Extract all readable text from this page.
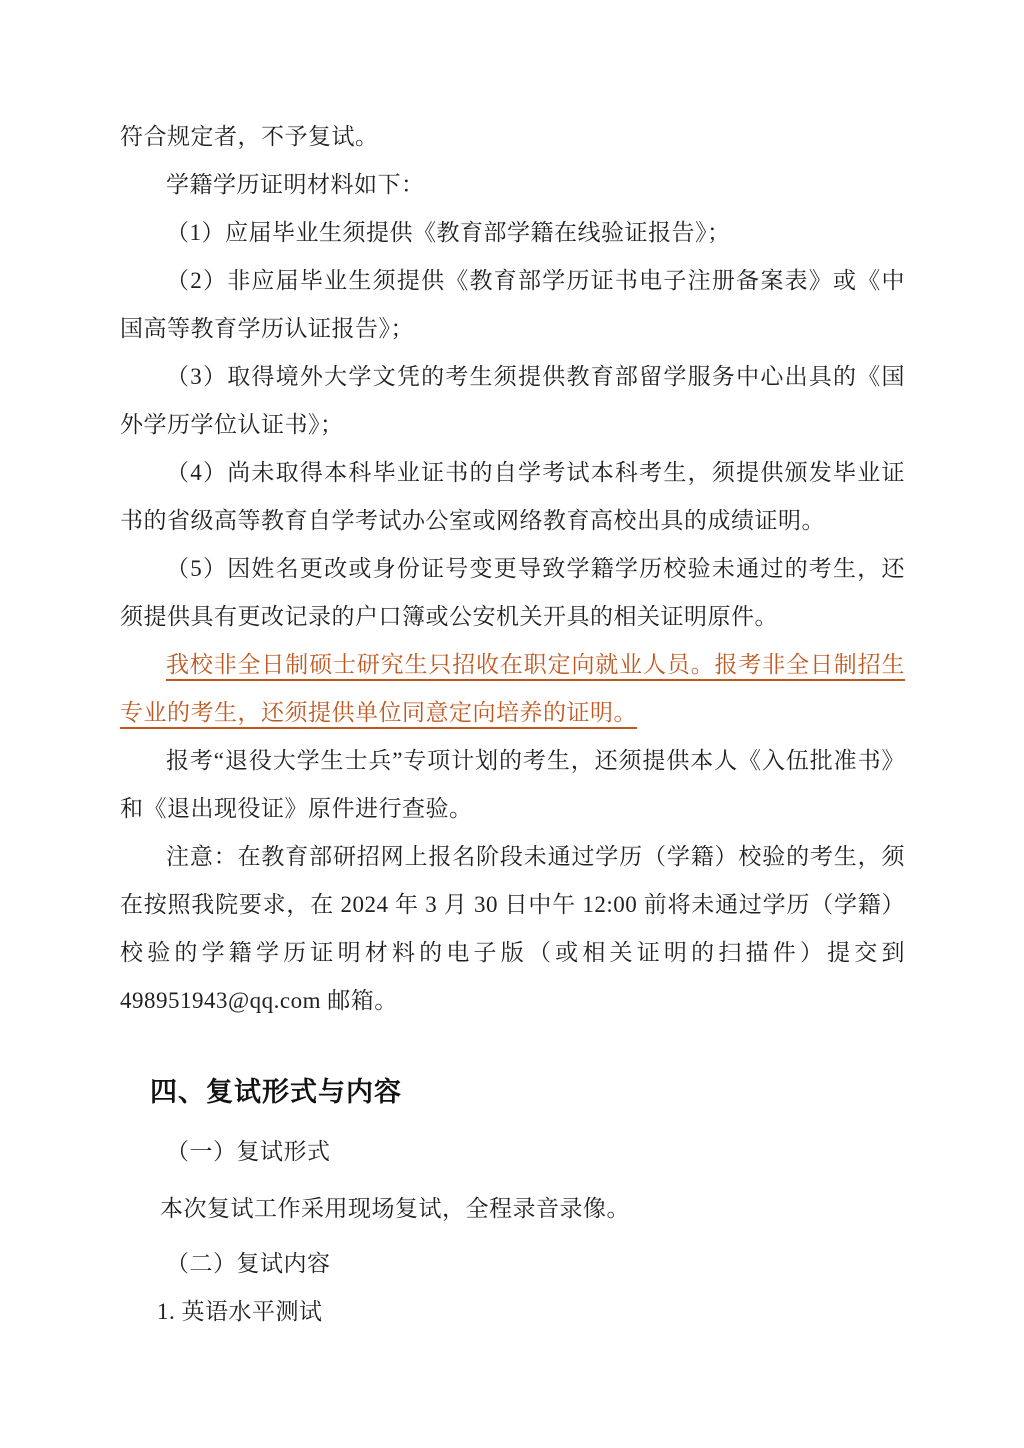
符合规定者，不予复试。
学籍学历证明材料如下：
（1）应届毕业生须提供《教育部学籍在线验证报告》；
（2）非应届毕业生须提供《教育部学历证书电子注册备案表》或《中国高等教育学历认证报告》；
（3）取得境外大学文凭的考生须提供教育部留学服务中心出具的《国外学历学位认证书》；
（4）尚未取得本科毕业证书的自学考试本科考生，须提供颁发毕业证书的省级高等教育自学考试办公室或网络教育高校出具的成绩证明。
（5）因姓名更改或身份证号变更导致学籍学历校验未通过的考生，还须提供具有更改记录的户口簿或公安机关开具的相关证明原件。
我校非全日制硕士研究生只招收在职定向就业人员。报考非全日制招生专业的考生，还须提供单位同意定向培养的证明。
报考“退役大学生士兵”专项计划的考生，还须提供本人《入伍批准书》和《退出现役证》原件进行查验。
注意：在教育部研招网上报名阶段未通过学历（学籍）校验的考生，须在按照我院要求，在 2024 年 3 月 30 日中午 12:00 前将未通过学历（学籍）校验的学籍学历证明材料的电子版（或相关证明的扫描件）提交到 498951943@qq.com 邮箱。
四、复试形式与内容
（一）复试形式
本次复试工作采用现场复试，全程录音录像。
（二）复试内容
1. 英语水平测试
